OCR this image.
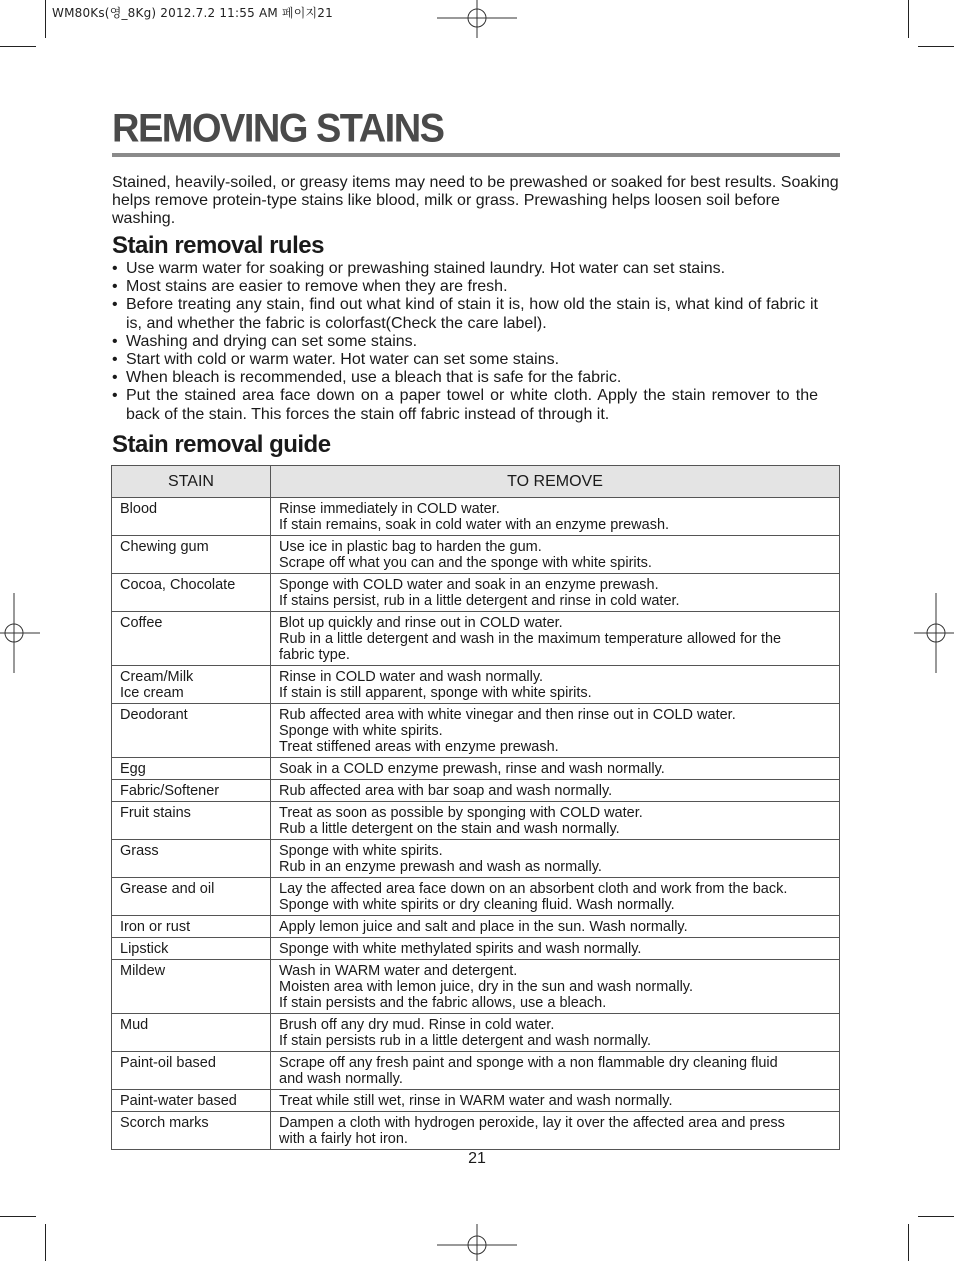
WM80Ks(영_8Kg) 2012.7.2 11:55 AM 페이지21
REMOVING STAINS
Stained, heavily-soiled, or greasy items may need to be prewashed or soaked for best results. Soaking helps remove protein-type stains like blood, milk or grass. Prewashing helps loosen soil before washing.
Stain removal rules
• Use warm water for soaking or prewashing stained laundry. Hot water can set stains.
• Most stains are easier to remove when they are fresh.
• Before treating any stain, find out what kind of stain it is, how old the stain is, what kind of fabric it is, and whether the fabric is colorfast(Check the care label).
• Washing and drying can set some stains.
• Start with cold or warm water. Hot water can set some stains.
• When bleach is recommended, use a bleach that is safe for the fabric.
• Put the stained area face down on a paper towel or white cloth. Apply the stain remover to the back of the stain. This forces the stain off fabric instead of through it.
Stain removal guide
STAIN	TO REMOVE

Blood	Rinse immediately in COLD water.
If stain remains, soak in cold water with an enzyme prewash.

Chewing gum	Use ice in plastic bag to harden the gum.
Scrape off what you can and the sponge with white spirits.

Cocoa, Chocolate	Sponge with COLD water and soak in an enzyme prewash.
If stains persist, rub in a little detergent and rinse in cold water.

Coffee	Blot up quickly and rinse out in COLD water.
Rub in a little detergent and wash in the maximum temperature allowed for the
fabric type.

Cream/Milk
Ice cream	Rinse in COLD water and wash normally.
If stain is still apparent, sponge with white spirits.

Deodorant	Rub affected area with white vinegar and then rinse out in COLD water.
Sponge with white spirits.
Treat stiffened areas with enzyme prewash.

Egg	Soak in a COLD enzyme prewash, rinse and wash normally.

Fabric/Softener	Rub affected area with bar soap and wash normally.

Fruit stains	Treat as soon as possible by sponging with COLD water.
Rub a little detergent on the stain and wash normally.

Grass	Sponge with white spirits.
Rub in an enzyme prewash and wash as normally.

Grease and oil	Lay the affected area face down on an absorbent cloth and work from the back.
Sponge with white spirits or dry cleaning fluid. Wash normally.

Iron or rust	Apply lemon juice and salt and place in the sun. Wash normally.

Lipstick	Sponge with white methylated spirits and wash normally.

Mildew	Wash in WARM water and detergent.
Moisten area with lemon juice, dry in the sun and wash normally.
If stain persists and the fabric allows, use a bleach.

Mud	Brush off any dry mud. Rinse in cold water.
If stain persists rub in a little detergent and wash normally.

Paint-oil based	Scrape off any fresh paint and sponge with a non flammable dry cleaning fluid
and wash normally.

Paint-water based	Treat while still wet, rinse in WARM water and wash normally.

Scorch marks	Dampen a cloth with hydrogen peroxide, lay it over the affected area and press
with a fairly hot iron.
21
